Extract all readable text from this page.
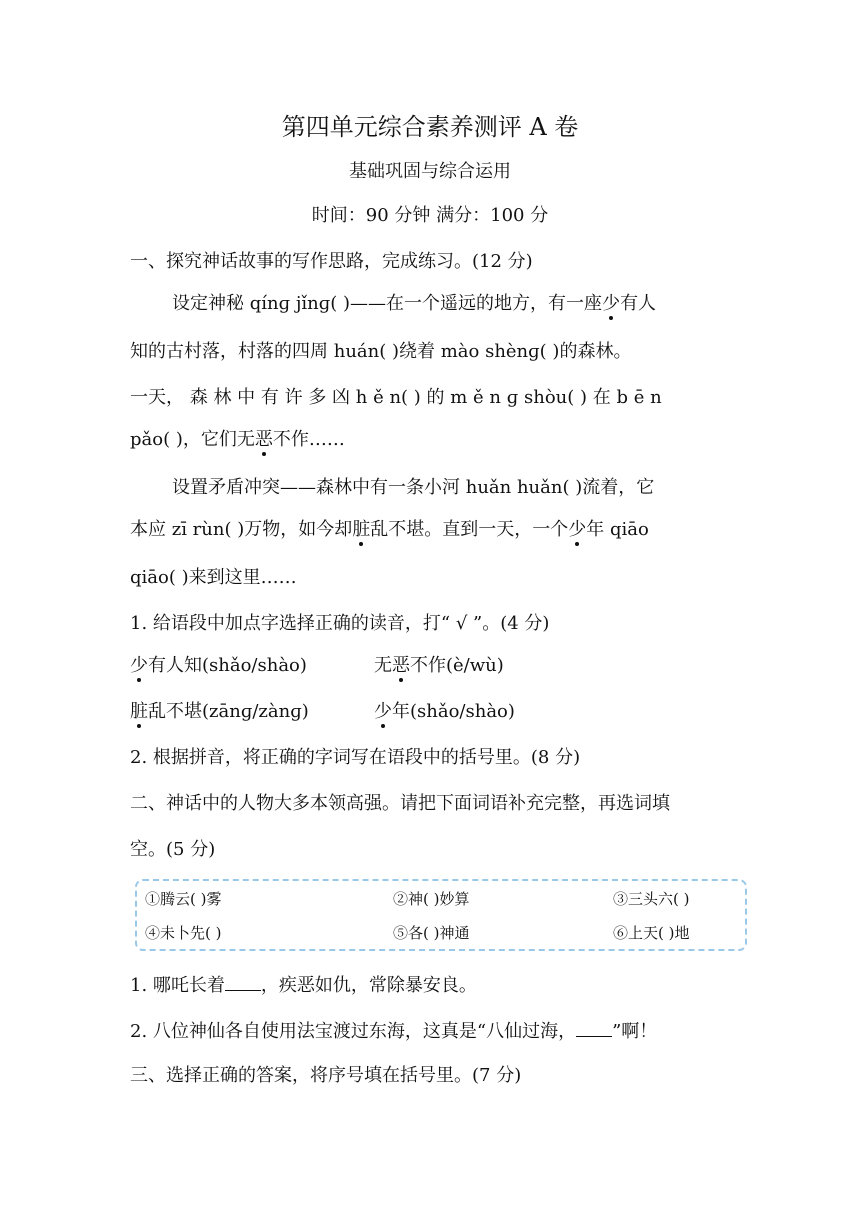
第四单元综合素养测评 A 卷
基础巩固与综合运用
时间：90 分钟 满分：100 分
一、探究神话故事的写作思路，完成练习。(12 分)
设定神秘 qínɡ jǐnɡ( )——在一个遥远的地方，有一座少有人
知的古村落，村落的四周 huán( )绕着 mào shènɡ( )的森林。
一天， 森 林 中 有 许 多 凶 h ě n( ) 的 m ě n ɡ shòu( ) 在 b ē n
pǎo( )，它们无恶不作……
设置矛盾冲突——森林中有一条小河 huǎn huǎn( )流着，它
本应 zī rùn( )万物，如今却脏乱不堪。直到一天，一个少年 qiāo
qiāo( )来到这里……
1. 给语段中加点字选择正确的读音，打“ √ ”。(4 分)
少有人知(shǎo/shào)	无恶不作(è/wù)
脏乱不堪(zānɡ/zànɡ)	少年(shǎo/shào)
2. 根据拼音，将正确的字词写在语段中的括号里。(8 分)
二、神话中的人物大多本领高强。请把下面词语补充完整，再选词填
空。(5 分)
①腾云( )雾	②神( )妙算	③三头六( )
④未卜先( )	⑤各( )神通	⑥上天( )地
1. 哪吒长着 ，疾恶如仇，常除暴安良。
2. 八位神仙各自使用法宝渡过东海，这真是“八仙过海， ”啊！
三、选择正确的答案，将序号填在括号里。(7 分)
